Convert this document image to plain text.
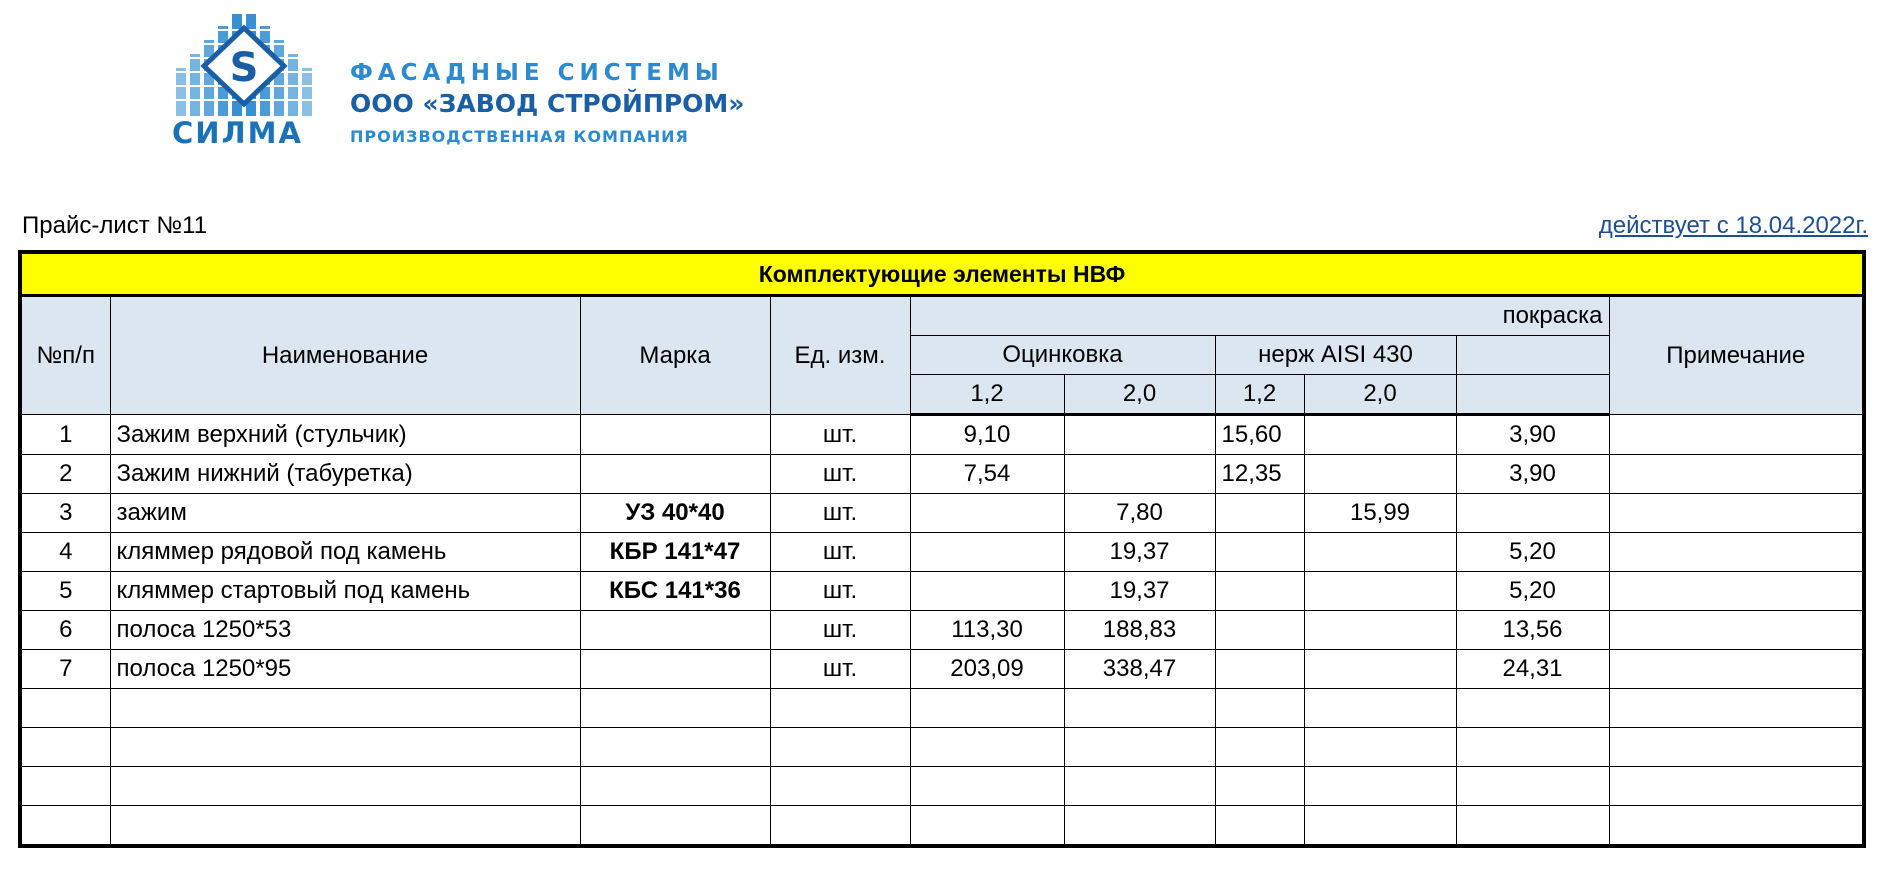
S
СИЛМА
ФАСАДНЫЕ СИСТЕМЫ
ООО «ЗАВОД СТРОЙПРОМ»
ПРОИЗВОДСТВЕННАЯ КОМПАНИЯ
Прайс-лист №11	действует с 18.04.2022г.
Комплектующие элементы НВФ									
№п/п	Наименование	Марка	Ед. изм.	покраска					Примечание
				Оцинковка		нерж AISI 430			
				1,2	2,0	1,2	2,0		
1	Зажим верхний (стульчик)		шт.	9,10		15,60		3,90	
2	Зажим нижний (табуретка)		шт.	7,54		12,35		3,90	
3	зажим	УЗ 40*40	шт.		7,80		15,99		
4	кляммер рядовой под камень	КБР 141*47	шт.		19,37			5,20	
5	кляммер стартовый под камень	КБС 141*36	шт.		19,37			5,20	
6	полоса 1250*53		шт.	113,30	188,83			13,56	
7	полоса 1250*95		шт.	203,09	338,47			24,31	
